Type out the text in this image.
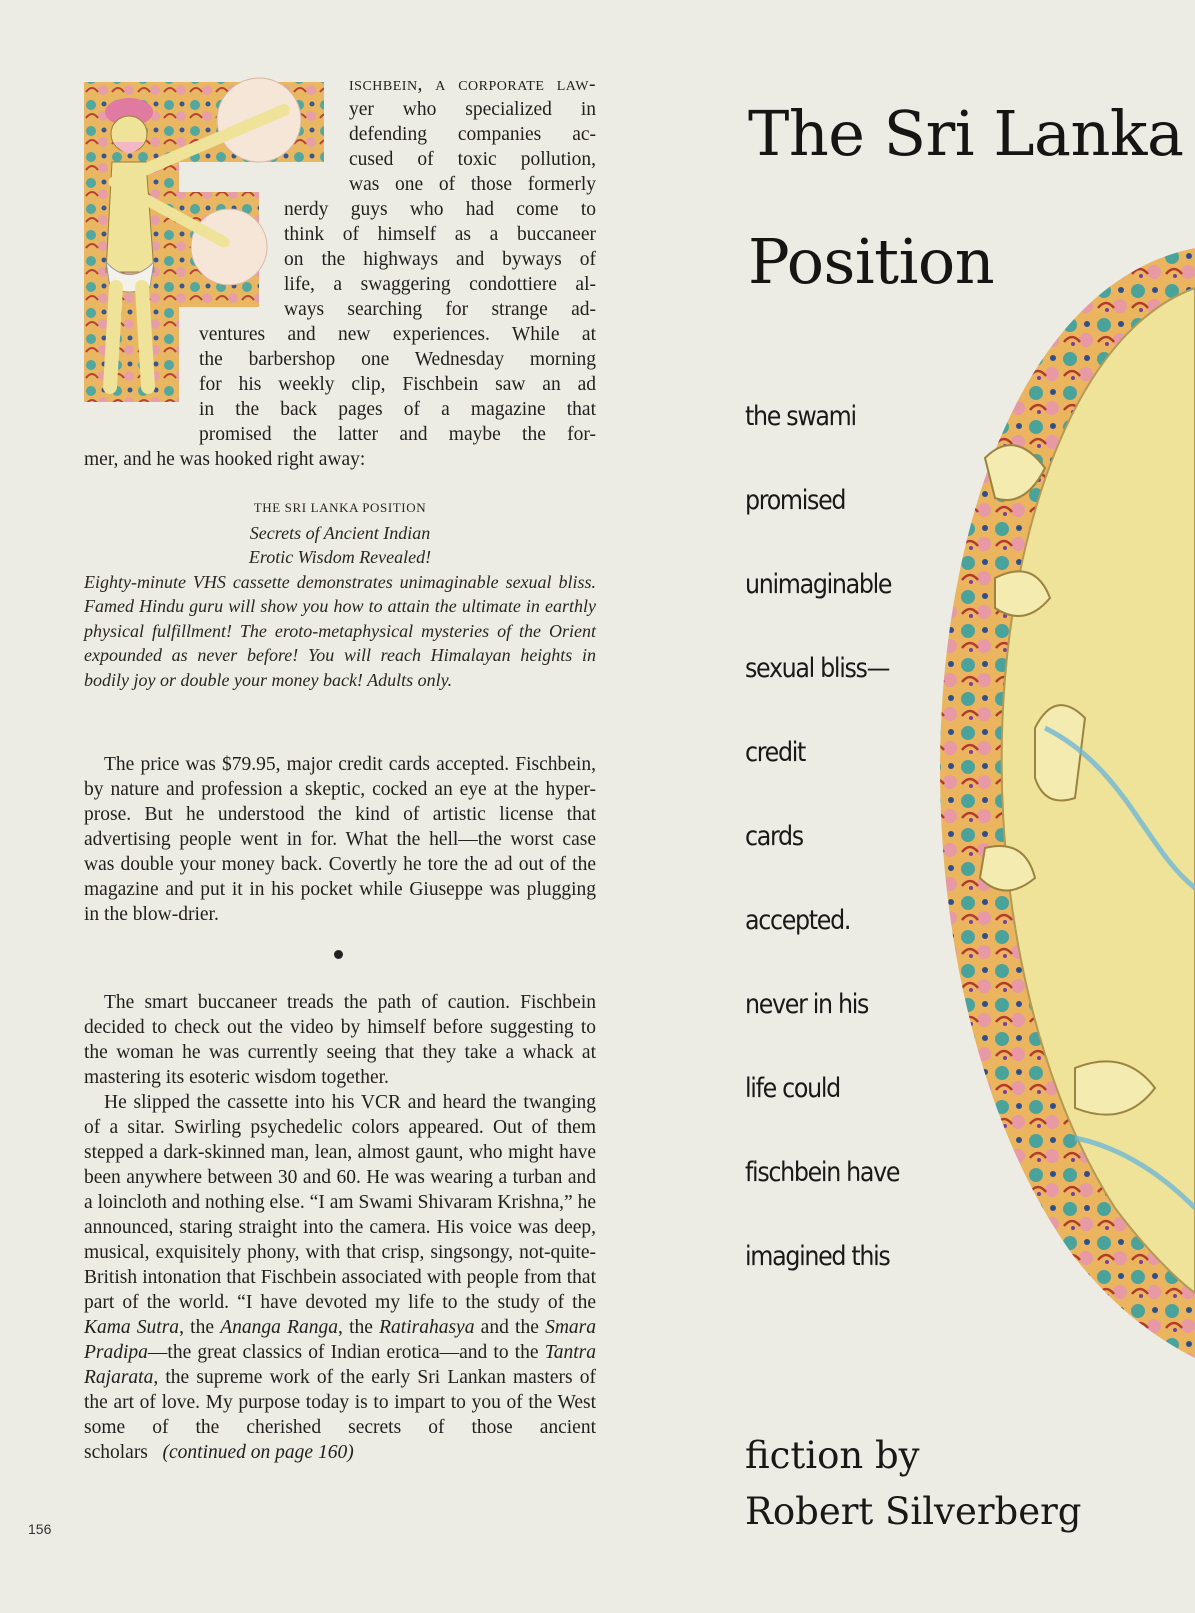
ischbein, a corporate law-
yer who specialized in
defending companies ac-
cused of toxic pollution,
was one of those formerly
nerdy guys who had come to
think of himself as a buccaneer
on the highways and byways of
life, a swaggering condottiere al-
ways searching for strange ad-
ventures and new experiences. While at
the barbershop one Wednesday morning
for his weekly clip, Fischbein saw an ad
in the back pages of a magazine that
promised the latter and maybe the for-
mer, and he was hooked right away:
THE SRI LANKA POSITION
Secrets of Ancient Indian
Erotic Wisdom Revealed!

Eighty-minute VHS cassette demonstrates unimaginable sexual bliss. Famed Hindu guru will show you how to attain the ultimate in earthly physical fulfillment! The eroto-metaphysical mysteries of the Orient expounded as never before! You will reach Himalayan heights in bodily joy or double your money back! Adults only.

The price was $79.95, major credit cards accepted. Fischbein, by nature and profession a skeptic, cocked an eye at the hyper-prose. But he understood the kind of artistic license that advertising people went in for. What the hell—the worst case was double your money back. Covertly he tore the ad out of the magazine and put it in his pocket while Giuseppe was plugging in the blow-drier.

The smart buccaneer treads the path of caution. Fischbein decided to check out the video by himself before suggesting to the woman he was currently seeing that they take a whack at mastering its esoteric wisdom together.

He slipped the cassette into his VCR and heard the twanging of a sitar. Swirling psychedelic colors appeared. Out of them stepped a dark-skinned man, lean, almost gaunt, who might have been anywhere between 30 and 60. He was wearing a turban and a loincloth and nothing else. “I am Swami Shivaram Krishna,” he announced, staring straight into the camera. His voice was deep, musical, exquisitely phony, with that crisp, singsongy, not-quite-British intonation that Fischbein associated with people from that part of the world. “I have devoted my life to the study of the Kama Sutra, the Ananga Ranga, the Ratirahasya and the Smara Pradipa—the great classics of Indian erotica—and to the Tantra Rajarata, the supreme work of the early Sri Lankan masters of the art of love. My purpose today is to impart to you of the West some of the cherished secrets of those ancient scholars (continued on page 160)

156
The Sri Lanka
Position
the swami
promised
unimaginable
sexual bliss—
credit
cards
accepted.
never in his
life could
fischbein have
imagined this
fiction by
Robert Silverberg
